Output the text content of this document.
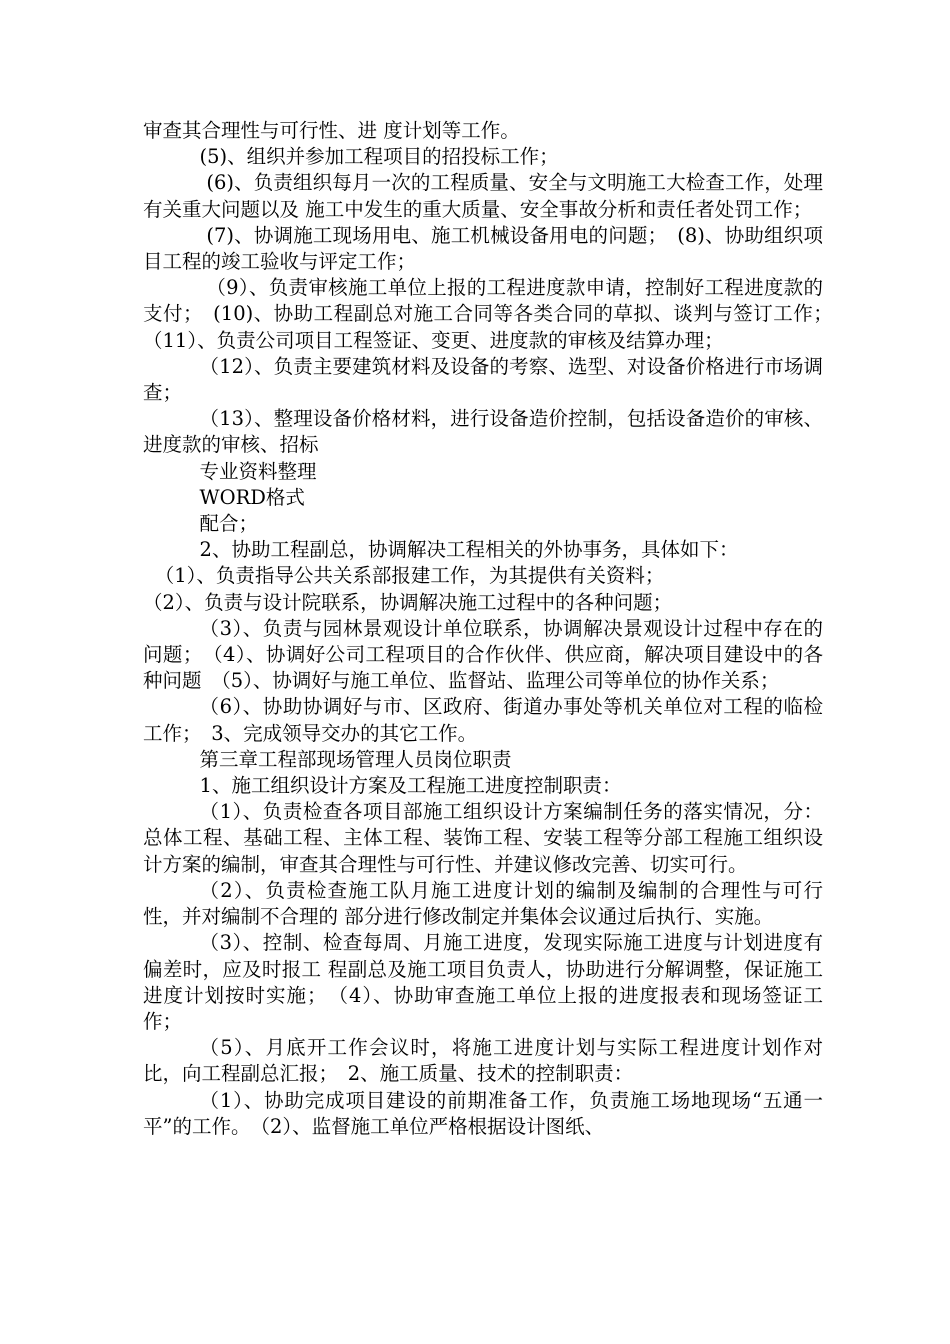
审查其合理性与可行性、进 度计划等工作。

(5)、组织并参加工程项目的招投标工作；

(6)、负责组织每月一次的工程质量、安全与文明施工大检查工作，处理有关重大问题以及 施工中发生的重大质量、安全事故分析和责任者处罚工作；

(7)、协调施工现场用电、施工机械设备用电的问题；　(8)、协助组织项目工程的竣工验收与评定工作；

（9）、负责审核施工单位上报的工程进度款申请，控制好工程进度款的支付；　(10)、协助工程副总对施工合同等各类合同的草拟、谈判与签订工作；　（11）、负责公司项目工程签证、变更、进度款的审核及结算办理；

（12）、负责主要建筑材料及设备的考察、选型、对设备价格进行市场调查；

（13）、整理设备价格材料，进行设备造价控制，包括设备造价的审核、进度款的审核、招标

专业资料整理

WORD格式

配合；

2、协助工程副总，协调解决工程相关的外协事务，具体如下：

（1）、负责指导公共关系部报建工作，为其提供有关资料；

（2）、负责与设计院联系，协调解决施工过程中的各种问题；

（3）、负责与园林景观设计单位联系，协调解决景观设计过程中存在的问题；　（4）、协调好公司工程项目的合作伙伴、供应商，解决项目建设中的各种问题　（5）、协调好与施工单位、监督站、监理公司等单位的协作关系；

（6）、协助协调好与市、区政府、街道办事处等机关单位对工程的临检工作；　3、完成领导交办的其它工作。

第三章工程部现场管理人员岗位职责

1、施工组织设计方案及工程施工进度控制职责：

（1）、负责检查各项目部施工组织设计方案编制任务的落实情况，分：总体工程、基础工程、主体工程、装饰工程、安装工程等分部工程施工组织设计方案的编制，审查其合理性与可行性、并建议修改完善、切实可行。

（2）、负责检查施工队月施工进度计划的编制及编制的合理性与可行性，并对编制不合理的 部分进行修改制定并集体会议通过后执行、实施。

（3）、控制、检查每周、月施工进度，发现实际施工进度与计划进度有偏差时，应及时报工 程副总及施工项目负责人，协助进行分解调整，保证施工进度计划按时实施；　（4）、协助审查施工单位上报的进度报表和现场签证工作；

（5）、月底开工作会议时，将施工进度计划与实际工程进度计划作对比，向工程副总汇报；　2、施工质量、技术的控制职责：

（1）、协助完成项目建设的前期准备工作，负责施工场地现场“五通一平”的工作。　（2）、监督施工单位严格根据设计图纸、
